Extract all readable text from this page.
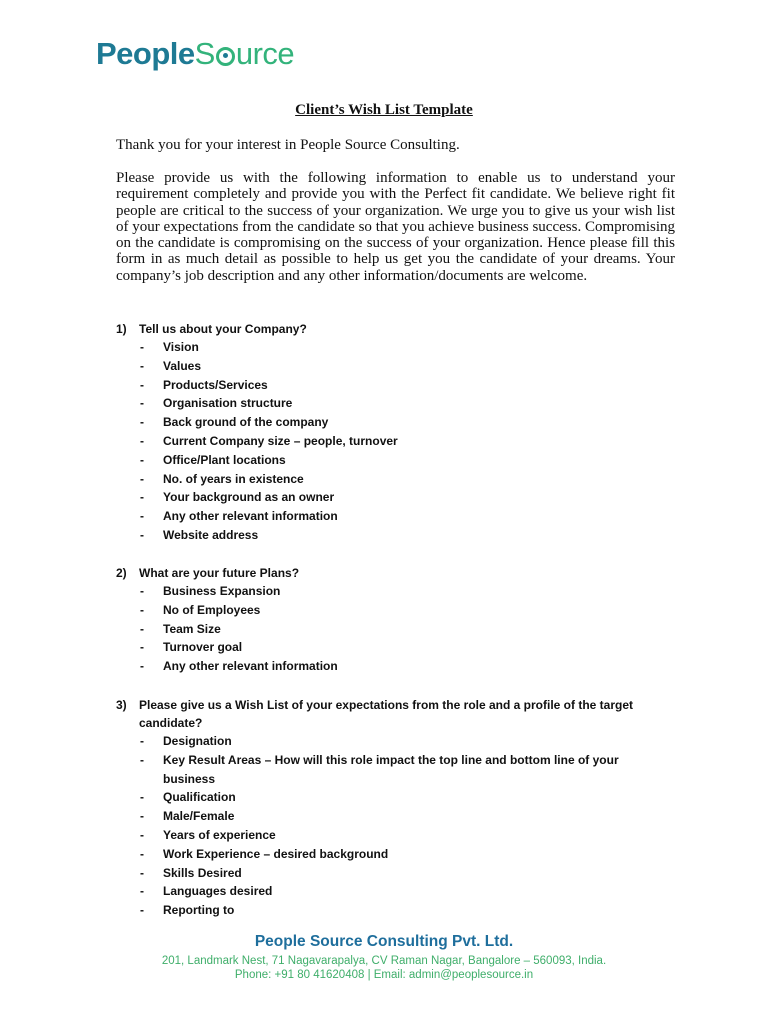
PeopleS urce
Client’s Wish List Template

Thank you for your interest in People Source Consulting.

Please provide us with the following information to enable us to understand your requirement completely and provide you with the Perfect fit candidate. We believe right fit people are critical to the success of your organization. We urge you to give us your wish list of your expectations from the candidate so that you achieve business success. Compromising on the candidate is compromising on the success of your organization. Hence please fill this form in as much detail as possible to help us get you the candidate of your dreams. Your company’s job description and any other information/documents are welcome.

1)	Tell us about your Company?
-	Vision
-	Values
-	Products/Services
-	Organisation structure
-	Back ground of the company
-	Current Company size – people, turnover
-	Office/Plant locations
-	No. of years in existence
-	Your background as an owner
-	Any other relevant information
-	Website address
2)	What are your future Plans?
-	Business Expansion
-	No of Employees
-	Team Size
-	Turnover goal
-	Any other relevant information
3)	Please give us a Wish List of your expectations from the role and a profile of the target candidate?
-	Designation
-	Key Result Areas – How will this role impact the top line and bottom line of your business
-	Qualification
-	Male/Female
-	Years of experience
-	Work Experience – desired background
-	Skills Desired
-	Languages desired
-	Reporting to
People Source Consulting Pvt. Ltd.
201, Landmark Nest, 71 Nagavarapalya, CV Raman Nagar, Bangalore – 560093, India.
Phone: +91 80 41620408 | Email: admin@peoplesource.in
